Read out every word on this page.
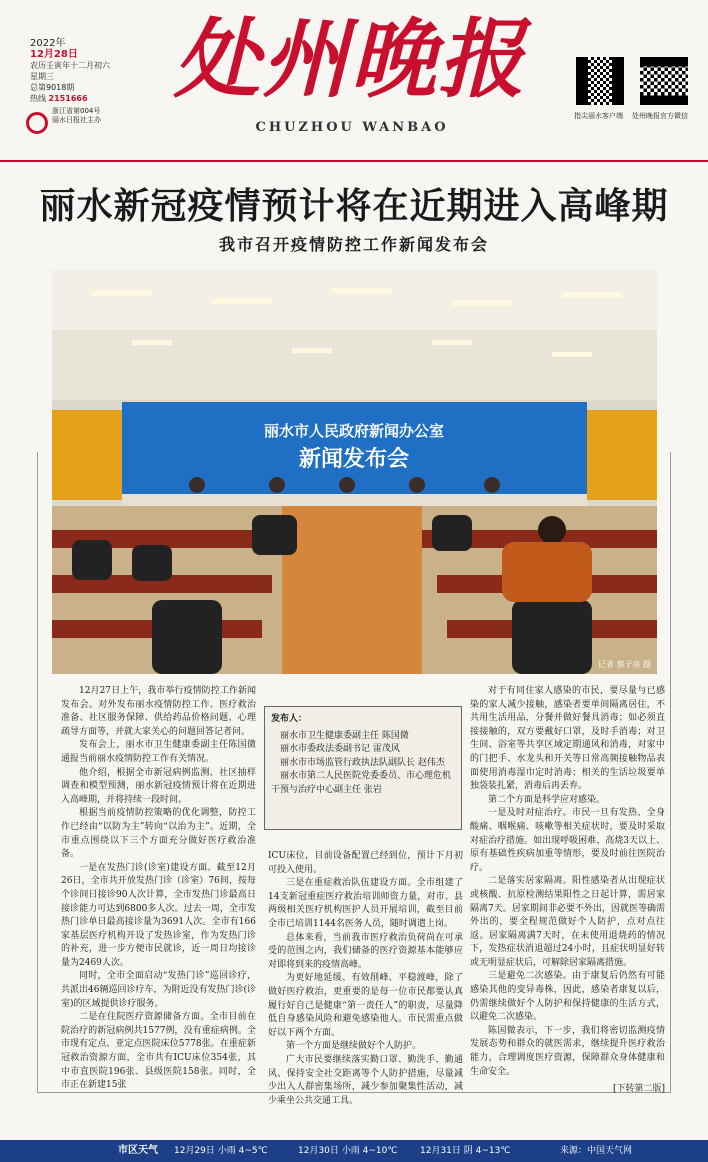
2022年
12月28日
农历壬寅年十二月初六
星期三
总第9018期
热线 2151666
浙江省第004号
丽水日报社主办
处州晚报
CHUZHOU WANBAO
指尖丽水客户端 处州晚报官方微信
丽水新冠疫情预计将在近期进入高峰期
我市召开疫情防控工作新闻发布会
丽水市人民政府新闻办公室
新闻发布会
记者 蔡子亮 摄

12月27日上午，我市举行疫情防控工作新闻发布会。对外发布丽水疫情防控工作、医疗救治准备、社区服务保障、供给药品价格问题、心理疏导方面等，并就大家关心的问题回答记者问。

发布会上，丽水市卫生健康委副主任陈国微通报当前丽水疫情防控工作有关情况。

他介绍，根据全市新冠病例监测、社区抽样调查和模型预测，丽水新冠疫情预计将在近期进入高峰期，并将持续一段时间。

根据当前疫情防控策略的优化调整，防控工作已经由“以防为主”转向“以治为主”。近期，全市重点围绕以下三个方面充分做好医疗救治准备。

一是在发热门诊(诊室)建设方面。截至12月26日，全市共开放发热门诊（诊室）76间，按每个诊间日接诊90人次计算，全市发热门诊最高日接诊能力可达到6800多人次。过去一周，全市发热门诊单日最高接诊量为3691人次。全市有166家基层医疗机构开设了发热诊室，作为发热门诊的补充，进一步方便市民就诊，近一周日均接诊量为2469人次。

同时，全市全面启动“发热门诊”巡回诊疗，共派出46辆巡回诊疗车，为附近没有发热门诊(诊室)的区域提供诊疗服务。

二是在住院医疗资源储备方面。全市目前在院治疗的新冠病例共1577例，没有重症病例。全市现有定点、亚定点医院床位5778张。在重症新冠救治资源方面，全市共有ICU床位354张，其中市直医院196张、县级医院158张。同时，全市正在新建15张

发布人：

丽水市卫生健康委副主任 陈国微

丽水市委政法委副书记 雷茂风

丽水市市场监管行政执法队副队长 赵伟杰

丽水市第二人民医院党委委员、市心理危机干预与治疗中心副主任 张岩

ICU床位，目前设备配置已经到位，预计下月初可投入使用。

三是在重症救治队伍建设方面。全市组建了14支新冠重症医疗救治培训师资力量，对市、县两级相关医疗机构医护人员开展培训，截至目前全市已培训1144名医务人员，随时调遣上岗。

总体来看，当前我市医疗救治负荷尚在可承受的范围之内，我们储备的医疗资源基本能够应对即将到来的疫情高峰。

为更好地延缓、有效削峰、平稳渡峰，除了做好医疗救治，更重要的是每一位市民都要认真履行好自己是健康“第一责任人”的职责，尽量降低自身感染风险和避免感染他人。市民需重点做好以下两个方面。

第一个方面是继续做好个人防护。

广大市民要继续落实勤口罩、勤洗手、勤通风、保持安全社交距离等个人防护措施，尽量减少出入人群密集场所，减少参加聚集性活动，减少乘坐公共交通工具。

对于有同住家人感染的市民，要尽量与已感染的家人减少接触，感染者要单间隔离居住，不共用生活用品，分餐并做好餐具消毒；如必须直接接触的，双方要戴好口罩，及时手消毒；对卫生间、浴室等共享区域定期通风和消毒，对家中的门把手、水龙头和开关等日常高频接触物品表面使用消毒湿巾定时消毒；相关的生活垃圾要单独袋装扎紧，消毒后再丢弃。

第二个方面是科学应对感染。

一是及时对症治疗。市民一旦有发热、全身酸痛、咽喉痛、咳嗽等相关症状时，要及时采取对症治疗措施。如出现呼吸困难、高烧3天以上、原有基础性疾病加重等情形，要及时前往医院治疗。

二是落实居家隔离。阳性感染者从出现症状或核酸、抗原检测结果阳性之日起计算，需居家隔离7天。居家期间非必要不外出，因就医等确需外出的，要全程规范做好个人防护，点对点往返。居家隔离满7天时，在未使用退烧药的情况下，发热症状消退超过24小时，且症状明显好转或无明显症状后，可解除居家隔离措施。

三是避免二次感染。由于康复后仍然有可能感染其他的变异毒株，因此，感染者康复以后，仍需继续做好个人防护和保持健康的生活方式，以避免二次感染。

陈国微表示，下一步，我们将密切监测疫情发展态势和群众的就医需求，继续提升医疗救治能力，合理调度医疗资源，保障群众身体健康和生命安全。

[下转第二版]
市区天气 12月29日 小雨 4~5℃	12月30日 小雨 4~10℃	12月31日 阴 4~13℃	来源：中国天气网
